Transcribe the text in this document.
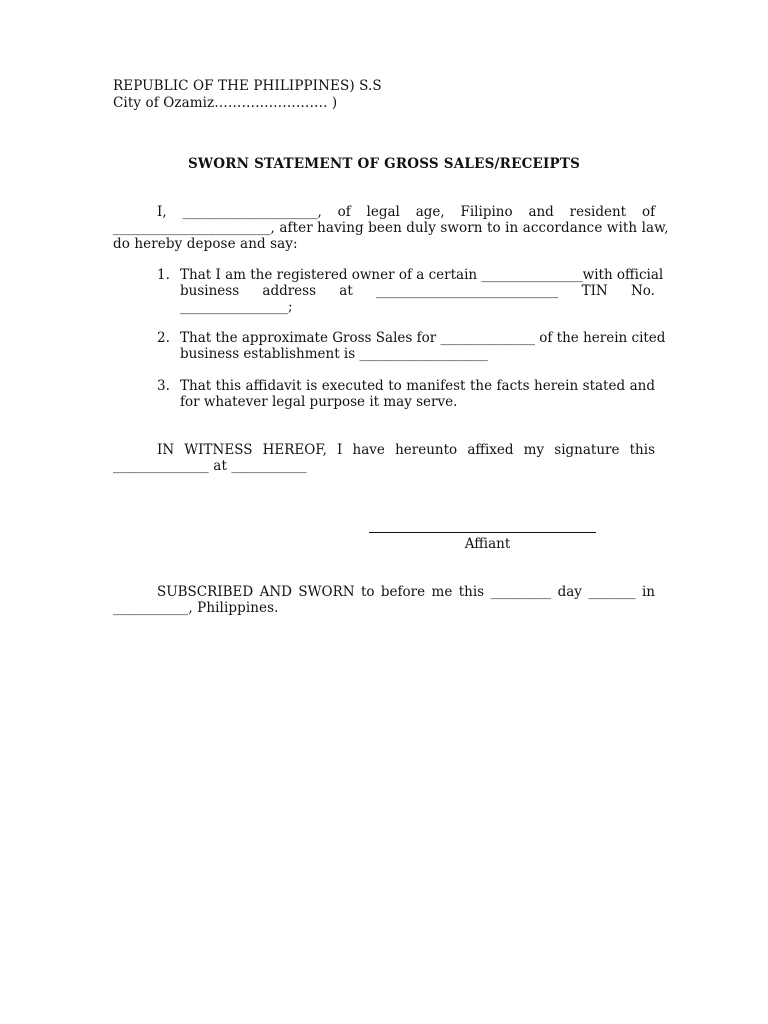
REPUBLIC OF THE PHILIPPINES) S.S
City of Ozamiz……………………. )
SWORN STATEMENT OF GROSS SALES/RECEIPTS
I, ____________________, of legal age, Filipino and resident of
_______________________, after having been duly sworn to in accordance with law,
do hereby depose and say:
1. That I am the registered owner of a certain _______________with official
business address at ___________________________ TIN No.
________________;
2. That the approximate Gross Sales for ______________ of the herein cited
business establishment is ___________________
3. That this affidavit is executed to manifest the facts herein stated and
for whatever legal purpose it may serve.
IN WITNESS HEREOF, I have hereunto affixed my signature this
______________ at ___________
Affiant
SUBSCRIBED AND SWORN to before me this _________ day _______ in
___________, Philippines.
